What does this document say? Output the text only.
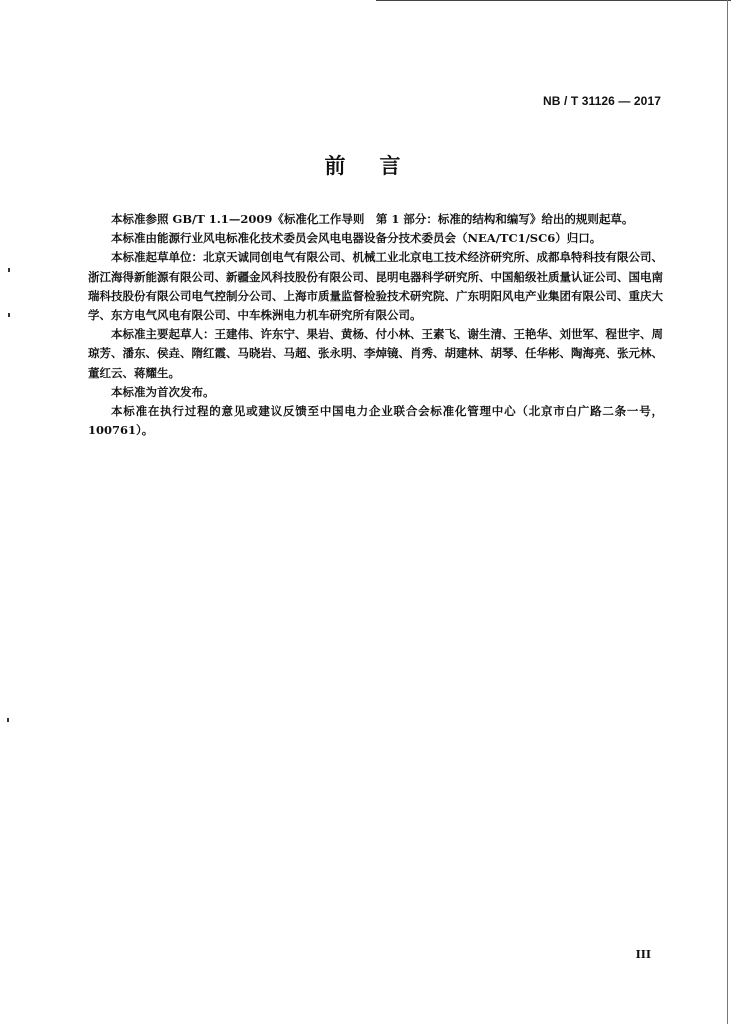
NB / T 31126 — 2017
前言

本标准参照 GB/T 1.1—2009《标准化工作导则　第 1 部分：标准的结构和编写》给出的规则起草。

本标准由能源行业风电标准化技术委员会风电电器设备分技术委员会（NEA/TC1/SC6）归口。

本标准起草单位：北京天诚同创电气有限公司、机械工业北京电工技术经济研究所、成都阜特科技有限公司、浙江海得新能源有限公司、新疆金风科技股份有限公司、昆明电器科学研究所、中国船级社质量认证公司、国电南瑞科技股份有限公司电气控制分公司、上海市质量监督检验技术研究院、广东明阳风电产业集团有限公司、重庆大学、东方电气风电有限公司、中车株洲电力机车研究所有限公司。

本标准主要起草人：王建伟、许东宁、果岩、黄杨、付小林、王素飞、谢生清、王艳华、刘世军、程世宇、周琼芳、潘东、侯垚、隋红霞、马晓岩、马超、张永明、李焯镜、肖秀、胡建林、胡琴、任华彬、陶海亮、张元林、董红云、蒋耀生。

本标准为首次发布。

本标准在执行过程的意见或建议反馈至中国电力企业联合会标准化管理中心（北京市白广路二条一号，100761）。

III
